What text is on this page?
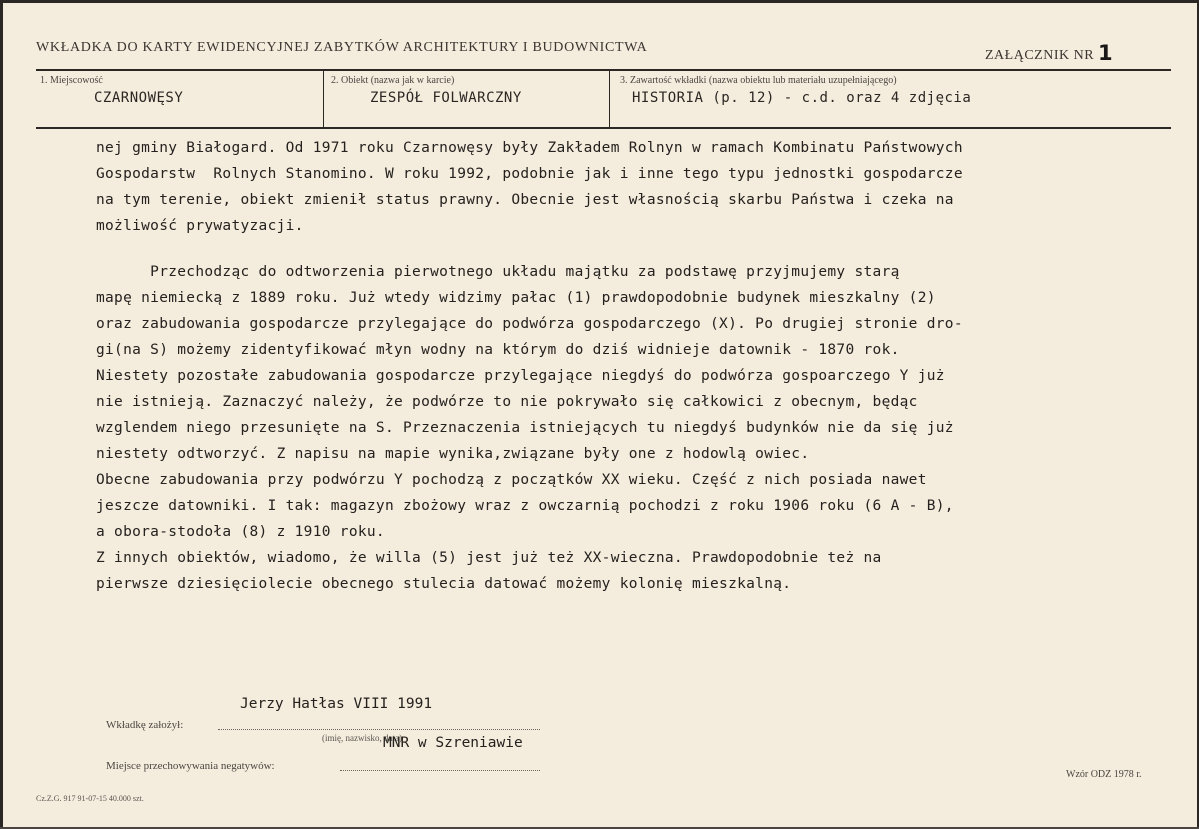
WKŁADKA DO KARTY EWIDENCYJNEJ ZABYTKÓW ARCHITEKTURY I BUDOWNICTWA
ZAŁĄCZNIK NR 1
1. Miejscowość
CZARNOWĘSY
2. Obiekt (nazwa jak w karcie)
ZESPÓŁ FOLWARCZNY
3. Zawartość wkładki (nazwa obiektu lub materiału uzupełniającego)
HISTORIA (p. 12) - c.d. oraz 4 zdjęcia

nej gminy Białogard. Od 1971 roku Czarnowęsy były Zakładem Rolnyn w ramach Kombinatu Państwowych

Gospodarstw  Rolnych Stanomino. W roku 1992, podobnie jak i inne tego typu jednostki gospodarcze

na tym terenie, obiekt zmienił status prawny. Obecnie jest własnością skarbu Państwa i czeka na

możliwość prywatyzacji.

Przechodząc do odtworzenia pierwotnego układu majątku za podstawę przyjmujemy starą

mapę niemiecką z 1889 roku. Już wtedy widzimy pałac (1) prawdopodobnie budynek mieszkalny (2)

oraz zabudowania gospodarcze przylegające do podwórza gospodarczego (X). Po drugiej stronie dro-

gi(na S) możemy zidentyfikować młyn wodny na którym do dziś widnieje datownik - 1870 rok.

Niestety pozostałe zabudowania gospodarcze przylegające niegdyś do podwórza gospoarczego Y już

nie istnieją. Zaznaczyć należy, że podwórze to nie pokrywało się całkowici z obecnym, będąc

wzglendem niego przesunięte na S. Przeznaczenia istniejących tu niegdyś budynków nie da się już

niestety odtworzyć. Z napisu na mapie wynika,związane były one z hodowlą owiec.

Obecne zabudowania przy podwórzu Y pochodzą z początków XX wieku. Część z nich posiada nawet

jeszcze datowniki. I tak: magazyn zbożowy wraz z owczarnią pochodzi z roku 1906 roku (6 A - B),

a obora-stodoła (8) z 1910 roku.

Z innych obiektów, wiadomo, że willa (5) jest już też XX-wieczna. Prawdopodobnie też na

pierwsze dziesięciolecie obecnego stulecia datować możemy kolonię mieszkalną.

Jerzy Hatłas VIII 1991
Wkładkę założył:
(imię, nazwisko, data)
MNR w Szreniawie
Miejsce przechowywania negatywów:
Wzór ODZ 1978 r.
Cz.Z.G. 917 91-07-15 40.000 szt.
